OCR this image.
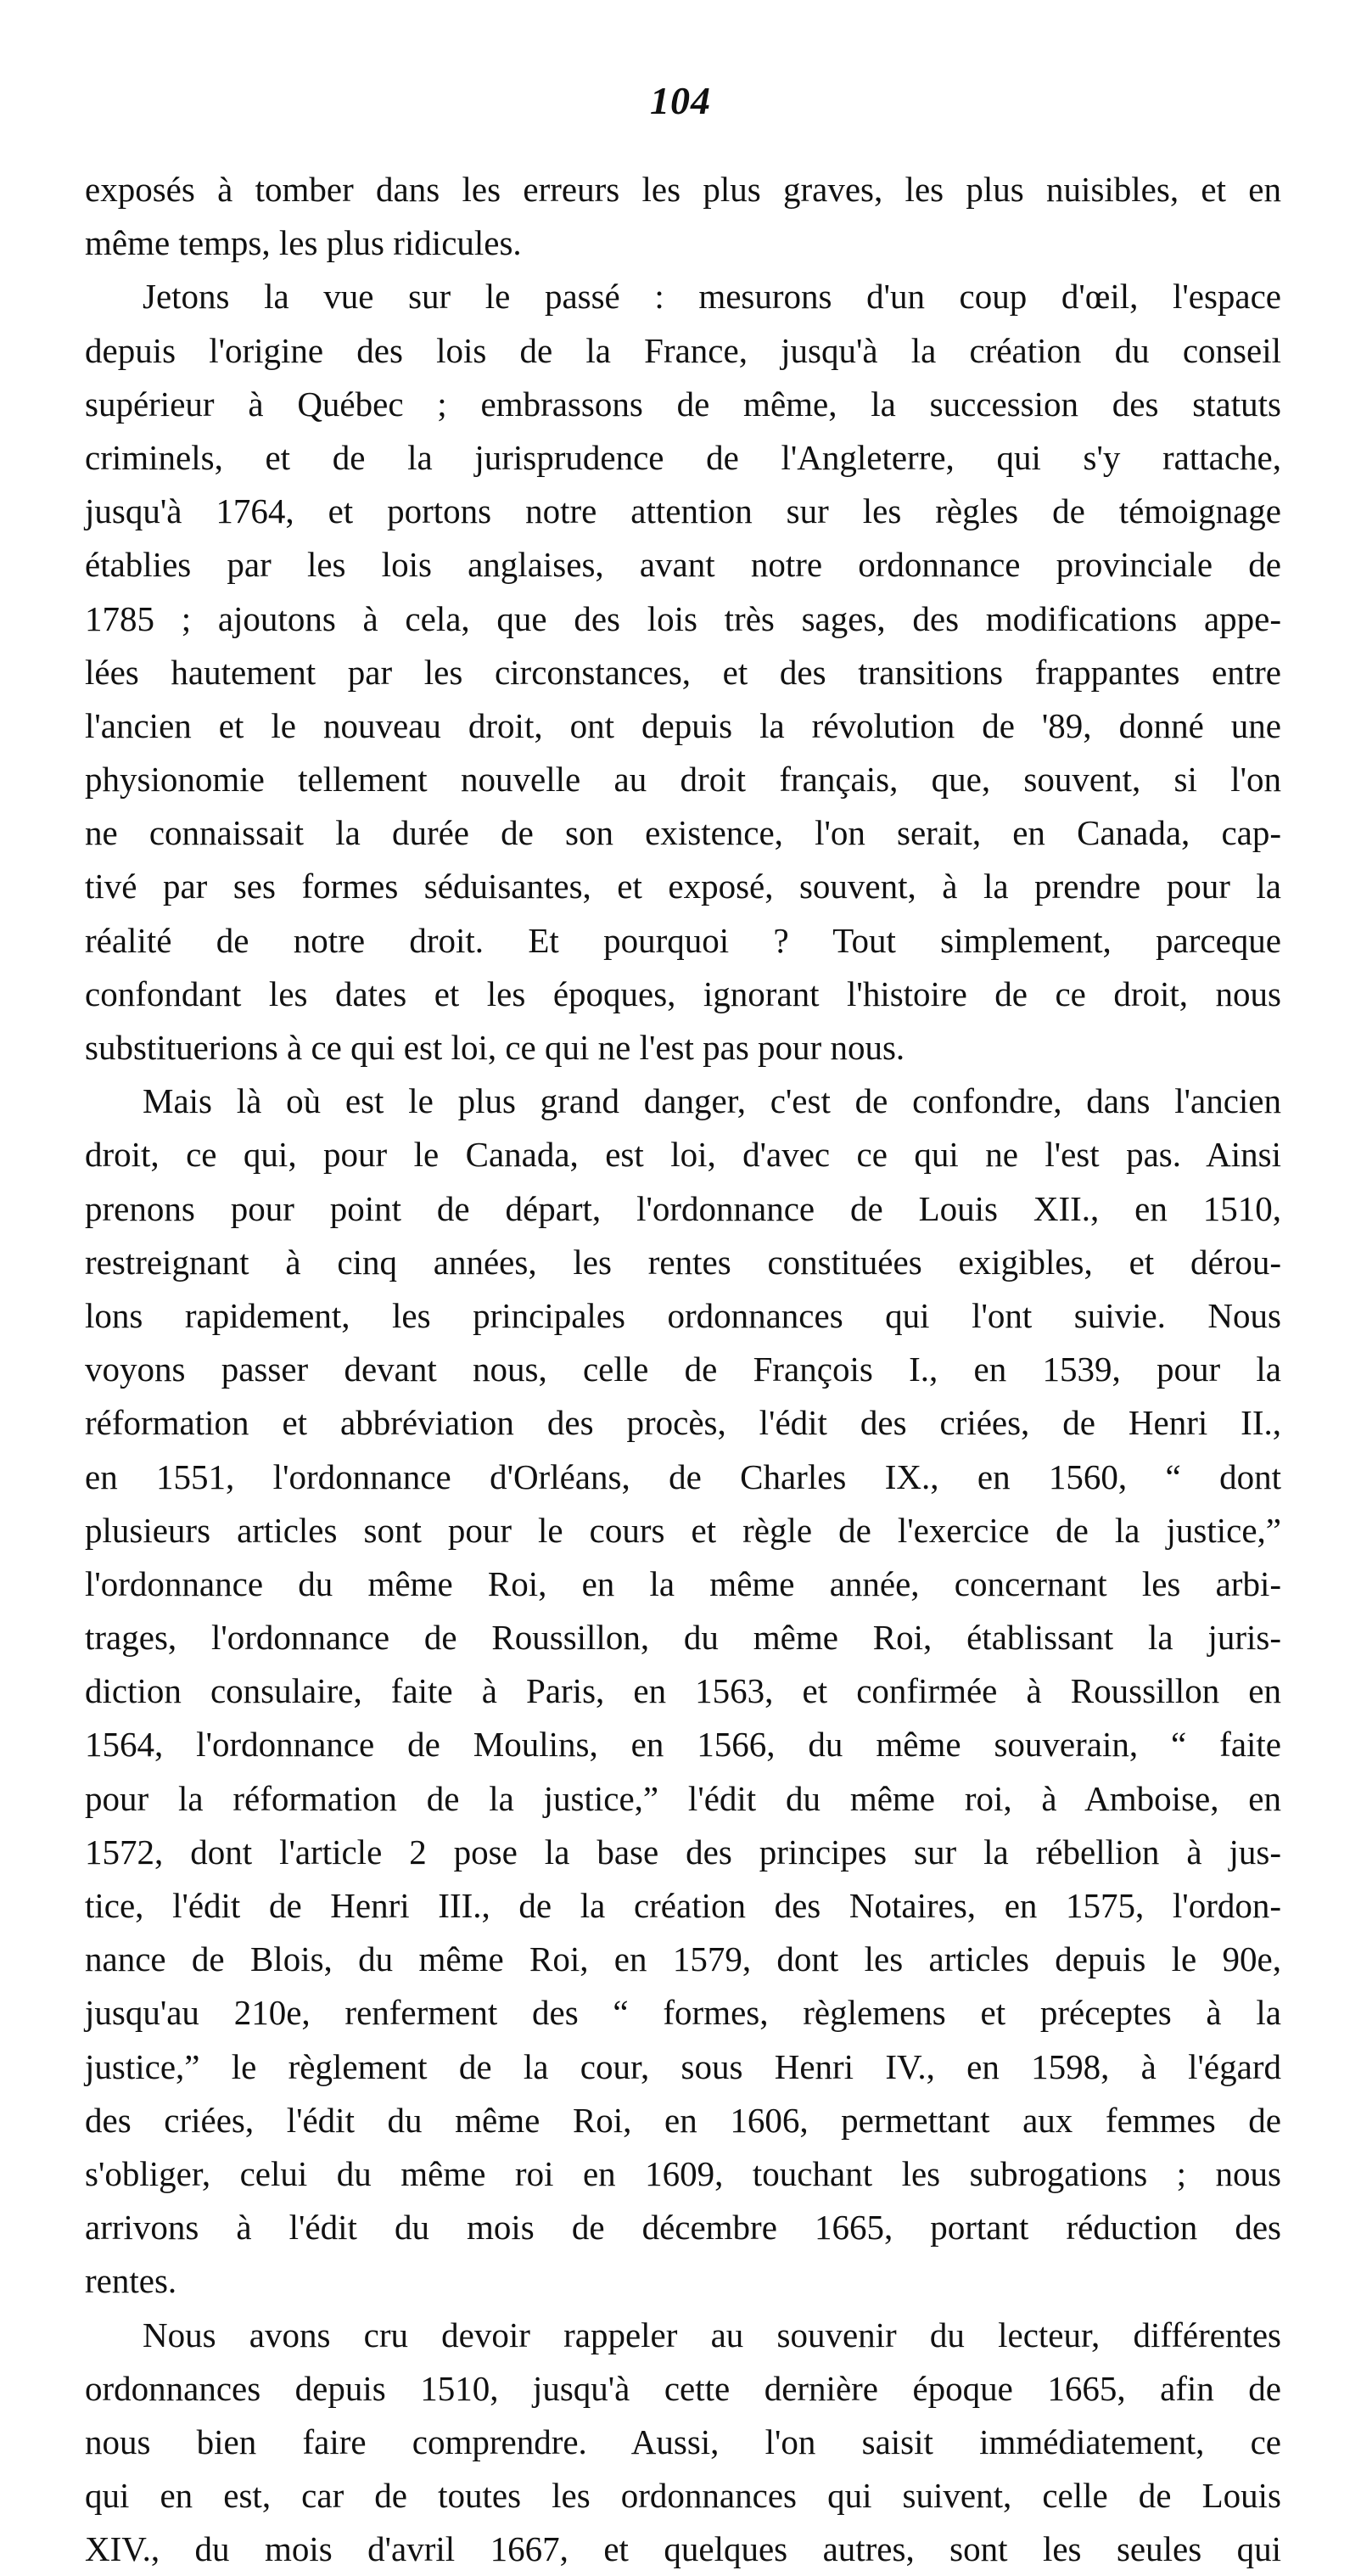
104
exposés à tomber dans les erreurs les plus graves, les plus nuisibles, et en
même temps, les plus ridicules.
Jetons la vue sur le passé : mesurons d'un coup d'œil, l'espace
depuis l'origine des lois de la France, jusqu'à la création du conseil
supérieur à Québec ; embrassons de même, la succession des statuts
criminels, et de la jurisprudence de l'Angleterre, qui s'y rattache,
jusqu'à 1764, et portons notre attention sur les règles de témoignage
établies par les lois anglaises, avant notre ordonnance provinciale de
1785 ; ajoutons à cela, que des lois très sages, des modifications appe-
lées hautement par les circonstances, et des transitions frappantes entre
l'ancien et le nouveau droit, ont depuis la révolution de '89, donné une
physionomie tellement nouvelle au droit français, que, souvent, si l'on
ne connaissait la durée de son existence, l'on serait, en Canada, cap-
tivé par ses formes séduisantes, et exposé, souvent, à la prendre pour la
réalité de notre droit. Et pourquoi ? Tout simplement, parceque
confondant les dates et les époques, ignorant l'histoire de ce droit, nous
substituerions à ce qui est loi, ce qui ne l'est pas pour nous.
Mais là où est le plus grand danger, c'est de confondre, dans l'ancien
droit, ce qui, pour le Canada, est loi, d'avec ce qui ne l'est pas. Ainsi
prenons pour point de départ, l'ordonnance de Louis XII., en 1510,
restreignant à cinq années, les rentes constituées exigibles, et dérou-
lons rapidement, les principales ordonnances qui l'ont suivie. Nous
voyons passer devant nous, celle de François I., en 1539, pour la
réformation et abbréviation des procès, l'édit des criées, de Henri II.,
en 1551, l'ordonnance d'Orléans, de Charles IX., en 1560, “ dont
plusieurs articles sont pour le cours et règle de l'exercice de la justice,”
l'ordonnance du même Roi, en la même année, concernant les arbi-
trages, l'ordonnance de Roussillon, du même Roi, établissant la juris-
diction consulaire, faite à Paris, en 1563, et confirmée à Roussillon en
1564, l'ordonnance de Moulins, en 1566, du même souverain, “ faite
pour la réformation de la justice,” l'édit du même roi, à Amboise, en
1572, dont l'article 2 pose la base des principes sur la rébellion à jus-
tice, l'édit de Henri III., de la création des Notaires, en 1575, l'ordon-
nance de Blois, du même Roi, en 1579, dont les articles depuis le 90e,
jusqu'au 210e, renferment des “ formes, règlemens et préceptes à la
justice,” le règlement de la cour, sous Henri IV., en 1598, à l'égard
des criées, l'édit du même Roi, en 1606, permettant aux femmes de
s'obliger, celui du même roi en 1609, touchant les subrogations ; nous
arrivons à l'édit du mois de décembre 1665, portant réduction des
rentes.
Nous avons cru devoir rappeler au souvenir du lecteur, différentes
ordonnances depuis 1510, jusqu'à cette dernière époque 1665, afin de
nous bien faire comprendre. Aussi, l'on saisit immédiatement, ce
qui en est, car de toutes les ordonnances qui suivent, celle de Louis
XIV., du mois d'avril 1667, et quelques autres, sont les seules qui
